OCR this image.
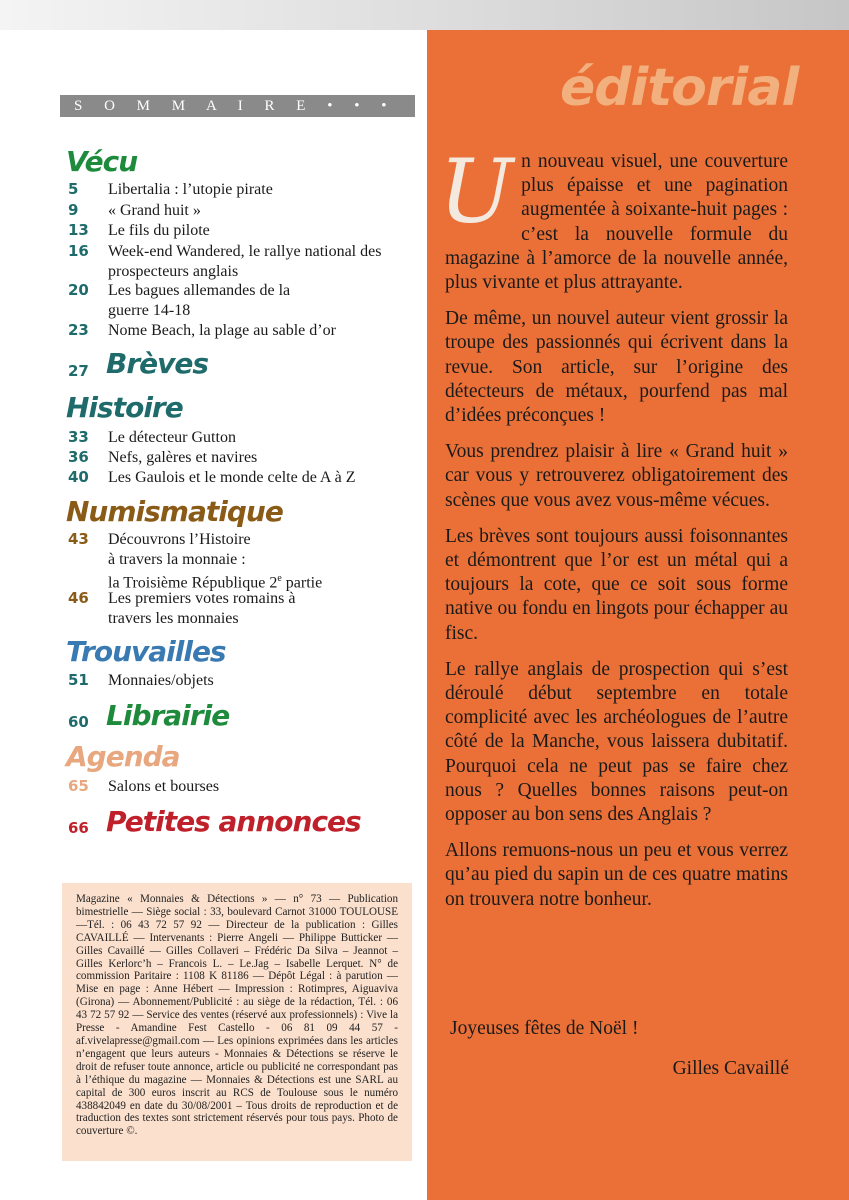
éditorial
S O M M A I R E • • • • • • •
Vécu
5	Libertalia : l’utopie pirate
9	« Grand huit »
13	Le fils du pilote
16	Week-end Wandered, le rallye national des prospecteurs anglais
20	Les bagues allemandes de la guerre 14-18
23	Nome Beach, la plage au sable d’or
27 Brèves
Histoire
33	Le détecteur Gutton
36	Nefs, galères et navires
40	Les Gaulois et le monde celte de A à Z
Numismatique
43	Découvrons l’Histoire
à travers la monnaie :
la Troisième République 2e partie
46	Les premiers votes romains à travers les monnaies
Trouvailles
51	Monnaies/objets
60 Librairie
Agenda
65	Salons et bourses
66 Petites annonces
Magazine « Monnaies & Détections » — n° 73 — Publication bimestrielle — Siège social : 33, boulevard Carnot 31000 TOULOUSE —Tél. : 06 43 72 57 92 — Directeur de la publication : Gilles CAVAILLÉ — Intervenants : Pierre Angeli — Philippe Butticker — Gilles Cavaillé — Gilles Collaveri – Frédéric Da Silva – Jeannot – Gilles Kerlorc’h – Francois L. – Le.Jag – Isabelle Lerquet. N° de commission Paritaire : 1108 K 81186 — Dépôt Légal : à parution — Mise en page : Anne Hébert — Impression : Rotimpres, Aiguaviva (Girona) — Abonnement/Publicité : au siège de la rédaction, Tél. : 06 43 72 57 92 — Service des ventes (réservé aux professionnels) : Vive la Presse - Amandine Fest Castello - 06 81 09 44 57 - af.vivelapresse@gmail.com — Les opinions exprimées dans les articles n’engagent que leurs auteurs - Monnaies & Détections se réserve le droit de refuser toute annonce, article ou publicité ne correspondant pas à l’éthique du magazine — Monnaies & Détections est une SARL au capital de 300 euros inscrit au RCS de Toulouse sous le numéro 438842049 en date du 30/08/2001 – Tous droits de reproduction et de traduction des textes sont strictement réservés pour tous pays. Photo de couverture ©.

Un nouveau visuel, une couverture plus épaisse et une pagination augmentée à soixante-huit pages : c’est la nouvelle formule du magazine à l’amorce de la nouvelle année, plus vivante et plus attrayante.

De même, un nouvel auteur vient grossir la troupe des passionnés qui écrivent dans la revue. Son article, sur l’origine des détecteurs de métaux, pourfend pas mal d’idées préconçues !

Vous prendrez plaisir à lire « Grand huit » car vous y retrouverez obligatoirement des scènes que vous avez vous-même vécues.

Les brèves sont toujours aussi foisonnantes et démontrent que l’or est un métal qui a toujours la cote, que ce soit sous forme native ou fondu en lingots pour échapper au fisc.

Le rallye anglais de prospection qui s’est déroulé début septembre en totale complicité avec les archéologues de l’autre côté de la Manche, vous laissera dubitatif. Pourquoi cela ne peut pas se faire chez nous ? Quelles bonnes raisons peut-on opposer au bon sens des Anglais ?

Allons remuons-nous un peu et vous verrez qu’au pied du sapin un de ces quatre matins on trouvera notre bonheur.

Joyeuses fêtes de Noël !
Gilles Cavaillé
